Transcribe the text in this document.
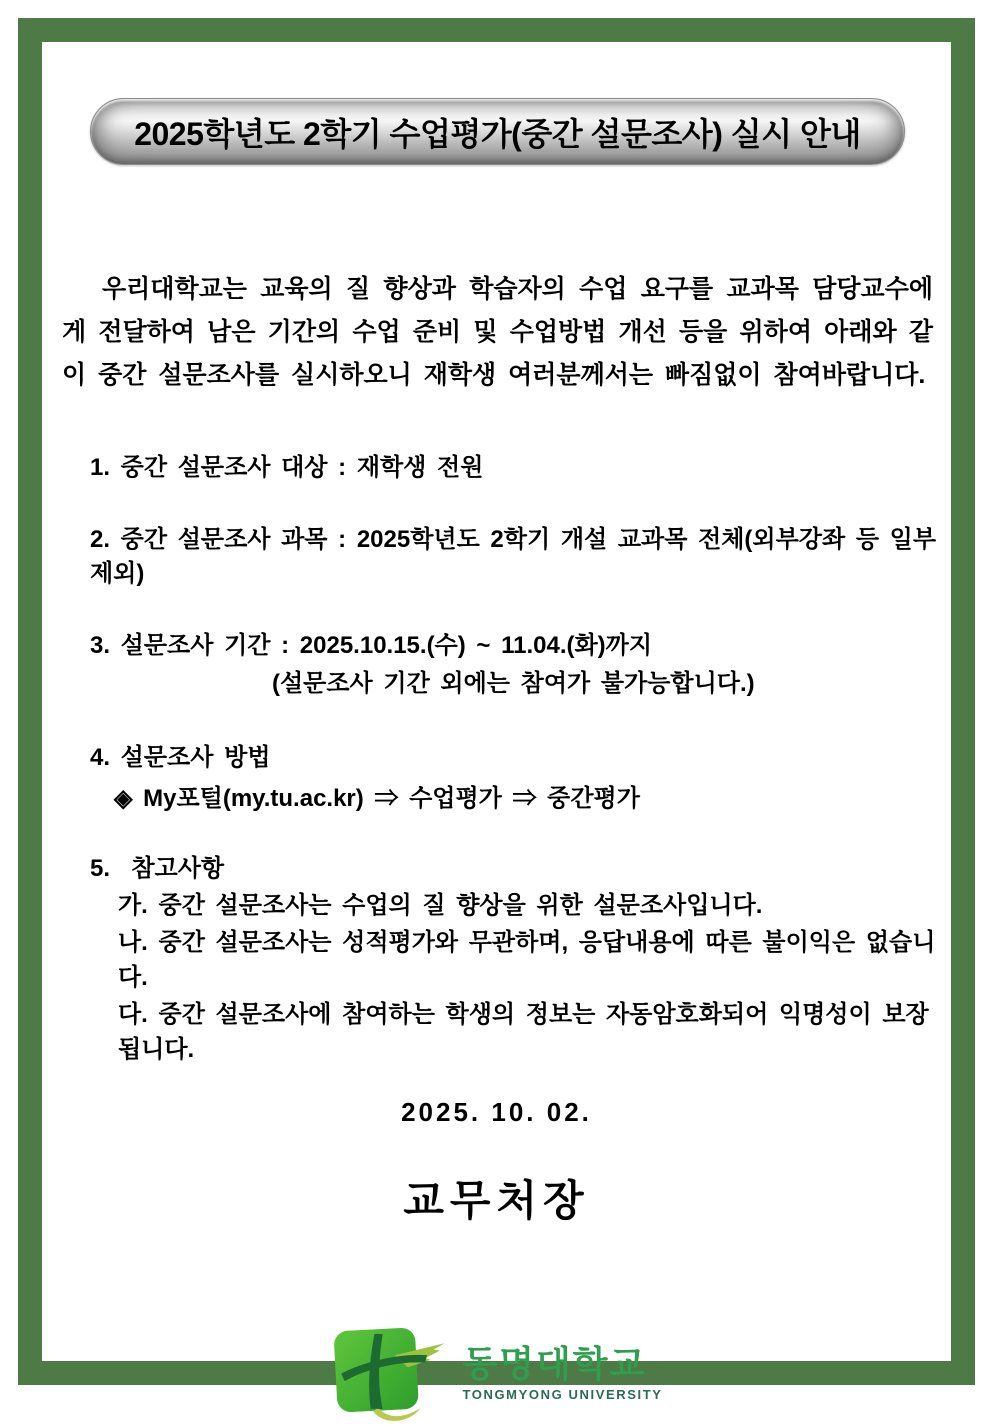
2025학년도 2학기 수업평가(중간 설문조사) 실시 안내

우리대학교는 교육의 질 향상과 학습자의 수업 요구를 교과목 담당교수에게 전달하여 남은 기간의 수업 준비 및 수업방법 개선 등을 위하여 아래와 같이 중간 설문조사를 실시하오니 재학생 여러분께서는 빠짐없이 참여바랍니다.

1. 중간 설문조사 대상 : 재학생 전원
2. 중간 설문조사 과목 : 2025학년도 2학기 개설 교과목 전체(외부강좌 등 일부 제외)
3. 설문조사 기간 : 2025.10.15.(수) ~ 11.04.(화)까지
(설문조사 기간 외에는 참여가 불가능합니다.)
4. 설문조사 방법
◈ My포털(my.tu.ac.kr) ⇒ 수업평가 ⇒ 중간평가
5.  참고사항
가. 중간 설문조사는 수업의 질 향상을 위한 설문조사입니다.
나. 중간 설문조사는 성적평가와 무관하며, 응답내용에 따른 불이익은 없습니다.
다. 중간 설문조사에 참여하는 학생의 정보는 자동암호화되어 익명성이 보장됩니다.
2025. 10. 02.
교무처장
동명대학교
TONGMYONG UNIVERSITY
